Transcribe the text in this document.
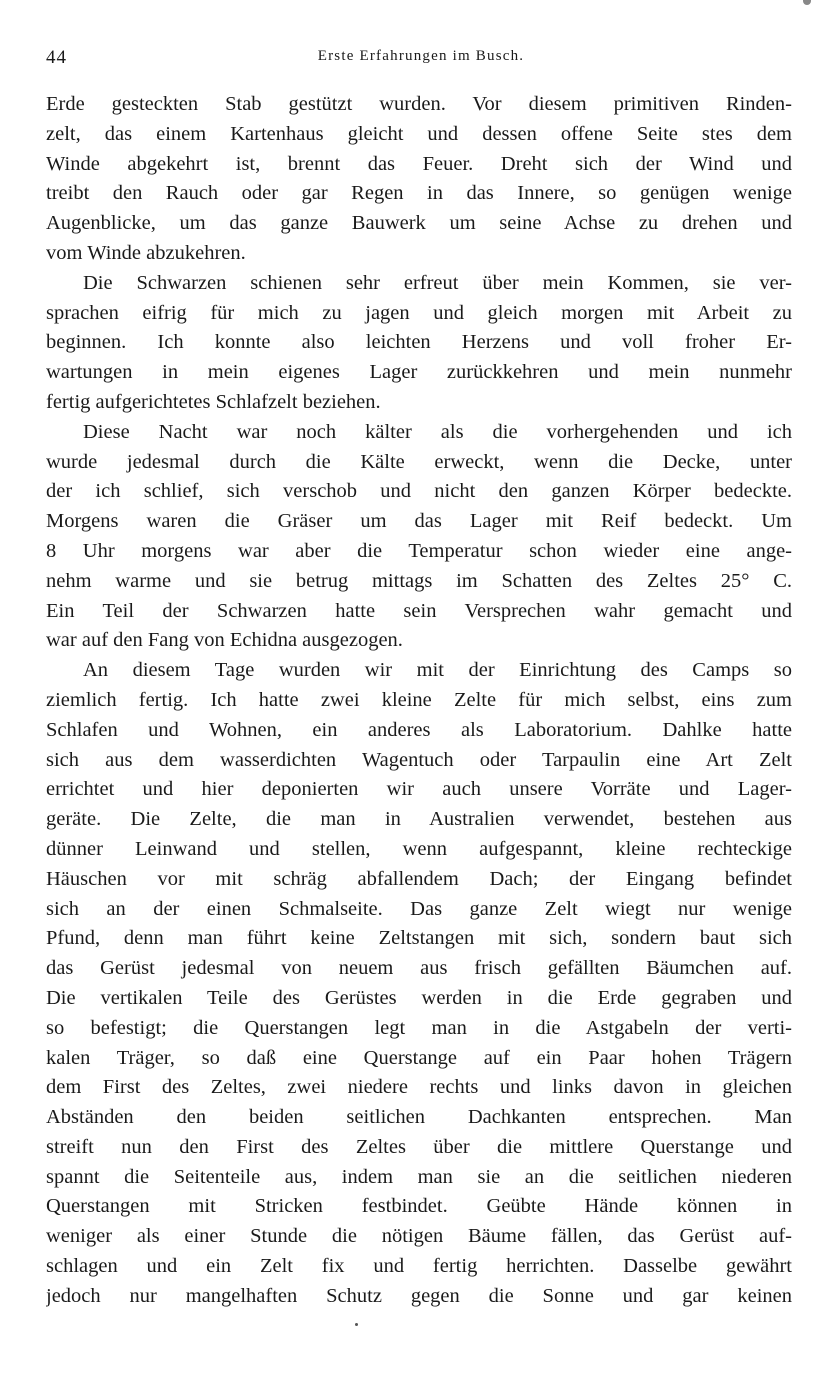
44	Erste Erfahrungen im Busch.
Erde gesteckten Stab gestützt wurden. Vor diesem primitiven Rinden-
zelt, das einem Kartenhaus gleicht und dessen offene Seite stes dem
Winde abgekehrt ist, brennt das Feuer. Dreht sich der Wind und
treibt den Rauch oder gar Regen in das Innere, so genügen wenige
Augenblicke, um das ganze Bauwerk um seine Achse zu drehen und
vom Winde abzukehren.
Die Schwarzen schienen sehr erfreut über mein Kommen, sie ver-
sprachen eifrig für mich zu jagen und gleich morgen mit Arbeit zu
beginnen. Ich konnte also leichten Herzens und voll froher Er-
wartungen in mein eigenes Lager zurückkehren und mein nunmehr
fertig aufgerichtetes Schlafzelt beziehen.
Diese Nacht war noch kälter als die vorhergehenden und ich
wurde jedesmal durch die Kälte erweckt, wenn die Decke, unter
der ich schlief, sich verschob und nicht den ganzen Körper bedeckte.
Morgens waren die Gräser um das Lager mit Reif bedeckt. Um
8 Uhr morgens war aber die Temperatur schon wieder eine ange-
nehm warme und sie betrug mittags im Schatten des Zeltes 25° C.
Ein Teil der Schwarzen hatte sein Versprechen wahr gemacht und
war auf den Fang von Echidna ausgezogen.
An diesem Tage wurden wir mit der Einrichtung des Camps so
ziemlich fertig. Ich hatte zwei kleine Zelte für mich selbst, eins zum
Schlafen und Wohnen, ein anderes als Laboratorium. Dahlke hatte
sich aus dem wasserdichten Wagentuch oder Tarpaulin eine Art Zelt
errichtet und hier deponierten wir auch unsere Vorräte und Lager-
geräte. Die Zelte, die man in Australien verwendet, bestehen aus
dünner Leinwand und stellen, wenn aufgespannt, kleine rechteckige
Häuschen vor mit schräg abfallendem Dach; der Eingang befindet
sich an der einen Schmalseite. Das ganze Zelt wiegt nur wenige
Pfund, denn man führt keine Zeltstangen mit sich, sondern baut sich
das Gerüst jedesmal von neuem aus frisch gefällten Bäumchen auf.
Die vertikalen Teile des Gerüstes werden in die Erde gegraben und
so befestigt; die Querstangen legt man in die Astgabeln der verti-
kalen Träger, so daß eine Querstange auf ein Paar hohen Trägern
dem First des Zeltes, zwei niedere rechts und links davon in gleichen
Abständen den beiden seitlichen Dachkanten entsprechen. Man
streift nun den First des Zeltes über die mittlere Querstange und
spannt die Seitenteile aus, indem man sie an die seitlichen niederen
Querstangen mit Stricken festbindet. Geübte Hände können in
weniger als einer Stunde die nötigen Bäume fällen, das Gerüst auf-
schlagen und ein Zelt fix und fertig herrichten. Dasselbe gewährt
jedoch nur mangelhaften Schutz gegen die Sonne und gar keinen
